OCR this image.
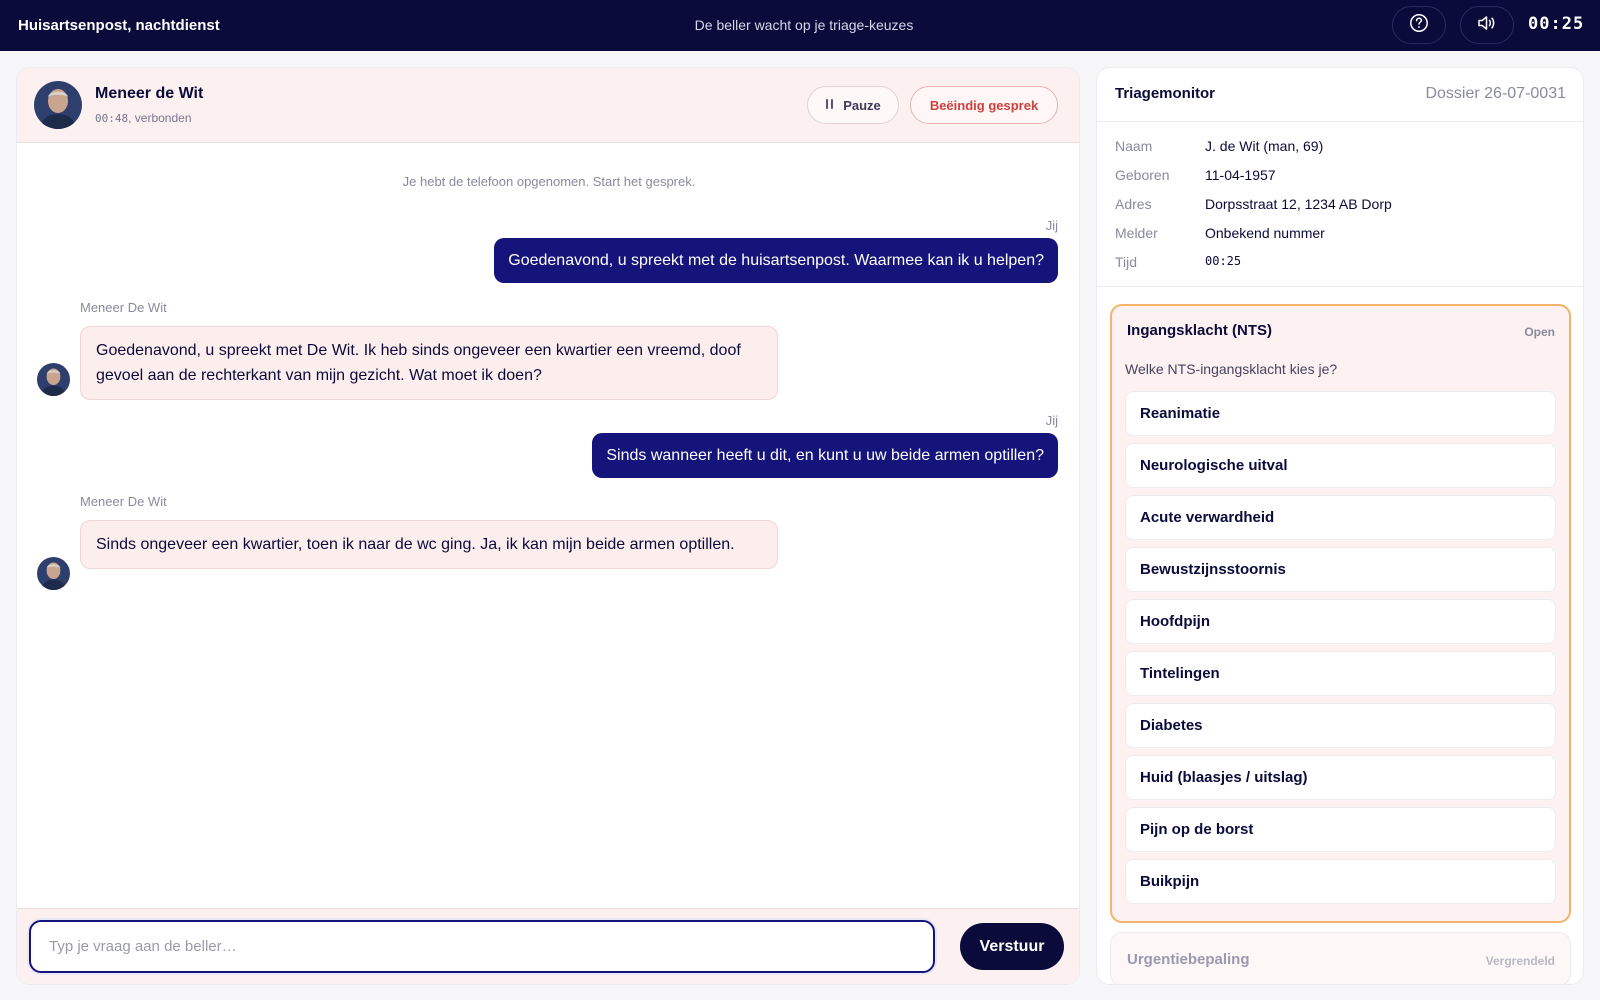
Huisartsenpost, nachtdienst	De beller wacht op je triage-keuzes	00:25
Meneer de Wit
00:48, verbonden
Pauze	Beëindig gesprek
Je hebt de telefoon opgenomen. Start het gesprek.
Jij
Goedenavond, u spreekt met de huisartsenpost. Waarmee kan ik u helpen?
Meneer De Wit
Goedenavond, u spreekt met De Wit. Ik heb sinds ongeveer een kwartier een vreemd, doof gevoel aan de rechterkant van mijn gezicht. Wat moet ik doen?
Jij
Sinds wanneer heeft u dit, en kunt u uw beide armen optillen?
Meneer De Wit
Sinds ongeveer een kwartier, toen ik naar de wc ging. Ja, ik kan mijn beide armen optillen.
Typ je vraag aan de beller…
Verstuur
Triagemonitor	Dossier 26-07-0031
Naam	J. de Wit (man, 69)
Geboren	11-04-1957
Adres	Dorpsstraat 12, 1234 AB Dorp
Melder	Onbekend nummer
Tijd	00:25
Ingangsklacht (NTS)	Open
Welke NTS-ingangsklacht kies je?
Reanimatie
Neurologische uitval
Acute verwardheid
Bewustzijnsstoornis
Hoofdpijn
Tintelingen
Diabetes
Huid (blaasjes / uitslag)
Pijn op de borst
Buikpijn
Urgentiebepaling	Vergrendeld
